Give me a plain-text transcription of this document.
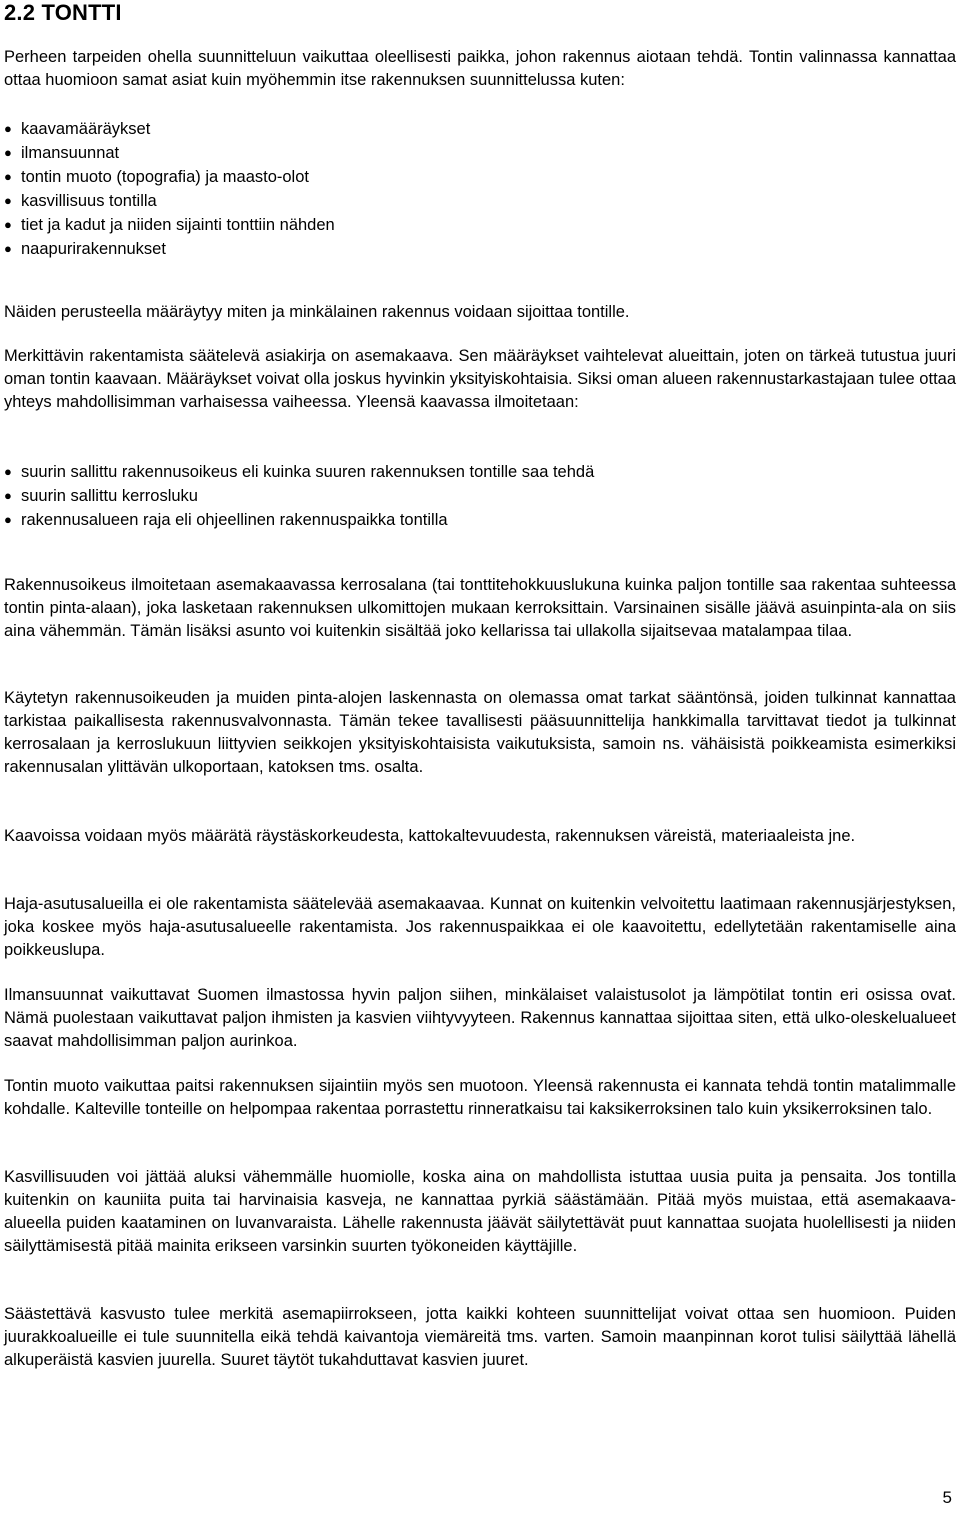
2.2 TONTTI

Perheen tarpeiden ohella suunnitteluun vaikuttaa oleellisesti paikka, johon rakennus aiotaan tehdä. Tontin valinnassa kannattaa ottaa huomioon samat asiat kuin myöhemmin itse rakennuksen suunnittelussa kuten:

● kaavamääräykset
● ilmansuunnat
● tontin muoto (topografia) ja maasto-olot
● kasvillisuus tontilla
● tiet ja kadut ja niiden sijainti tonttiin nähden
● naapurirakennukset

Näiden perusteella määräytyy miten ja minkälainen rakennus voidaan sijoittaa tontille.

Merkittävin rakentamista säätelevä asiakirja on asemakaava. Sen määräykset vaihtelevat alueittain, joten on tärkeä tutustua juuri oman tontin kaavaan. Määräykset voivat olla joskus hyvinkin yksityiskohtaisia. Siksi oman alueen rakennustarkastajaan tulee ottaa yhteys mahdollisimman varhaisessa vaiheessa. Yleensä kaavassa ilmoitetaan:

● suurin sallittu rakennusoikeus eli kuinka suuren rakennuksen tontille saa tehdä
● suurin sallittu kerrosluku
● rakennusalueen raja eli ohjeellinen rakennuspaikka tontilla

Rakennusoikeus ilmoitetaan asemakaavassa kerrosalana (tai tonttitehokkuuslukuna kuinka paljon tontille saa rakentaa suhteessa tontin pinta-alaan), joka lasketaan rakennuksen ulkomittojen mukaan kerroksittain. Varsinainen sisälle jäävä asuinpinta-ala on siis aina vähemmän. Tämän lisäksi asunto voi kuitenkin sisältää joko kellarissa tai ullakolla sijaitsevaa matalampaa tilaa.

Käytetyn rakennusoikeuden ja muiden pinta-alojen laskennasta on olemassa omat tarkat sääntönsä, joiden tulkinnat kannattaa tarkistaa paikallisesta rakennusvalvonnasta. Tämän tekee tavallisesti pääsuunnittelija hankkimalla tarvittavat tiedot ja tulkinnat kerrosalaan ja kerroslukuun liittyvien seikkojen yksityiskohtaisista vaikutuksista, samoin ns. vähäisistä poikkeamista esimerkiksi rakennusalan ylittävän ulkoportaan, katoksen tms. osalta.

Kaavoissa voidaan myös määrätä räystäskorkeudesta, kattokaltevuudesta, rakennuksen väreistä, materiaaleista jne.

Haja-asutusalueilla ei ole rakentamista säätelevää asemakaavaa. Kunnat on kuitenkin velvoitettu laatimaan rakennusjärjestyksen, joka koskee myös haja-asutusalueelle rakentamista. Jos rakennuspaikkaa ei ole kaavoitettu, edellytetään rakentamiselle aina poikkeuslupa.

Ilmansuunnat vaikuttavat Suomen ilmastossa hyvin paljon siihen, minkälaiset valaistusolot ja lämpötilat tontin eri osissa ovat. Nämä puolestaan vaikuttavat paljon ihmisten ja kasvien viihtyvyyteen. Rakennus kannattaa sijoittaa siten, että ulko-oleskelualueet saavat mahdollisimman paljon aurinkoa.

Tontin muoto vaikuttaa paitsi rakennuksen sijaintiin myös sen muotoon. Yleensä rakennusta ei kannata tehdä tontin matalimmalle kohdalle. Kalteville tonteille on helpompaa rakentaa porrastettu rinneratkaisu tai kaksikerroksinen talo kuin yksikerroksinen talo.

Kasvillisuuden voi jättää aluksi vähemmälle huomiolle, koska aina on mahdollista istuttaa uusia puita ja pensaita. Jos tontilla kuitenkin on kauniita puita tai harvinaisia kasveja, ne kannattaa pyrkiä säästämään. Pitää myös muistaa, että asemakaava-alueella puiden kaataminen on luvanvaraista. Lähelle rakennusta jäävät säilytettävät puut kannattaa suojata huolellisesti ja niiden säilyttämisestä pitää mainita erikseen varsinkin suurten työkoneiden käyttäjille.

Säästettävä kasvusto tulee merkitä asemapiirrokseen, jotta kaikki kohteen suunnittelijat voivat ottaa sen huomioon. Puiden juurakkoalueille ei tule suunnitella eikä tehdä kaivantoja viemäreitä tms. varten. Samoin maanpinnan korot tulisi säilyttää lähellä alkuperäistä kasvien juurella. Suuret täytöt tukahduttavat kasvien juuret.

5
